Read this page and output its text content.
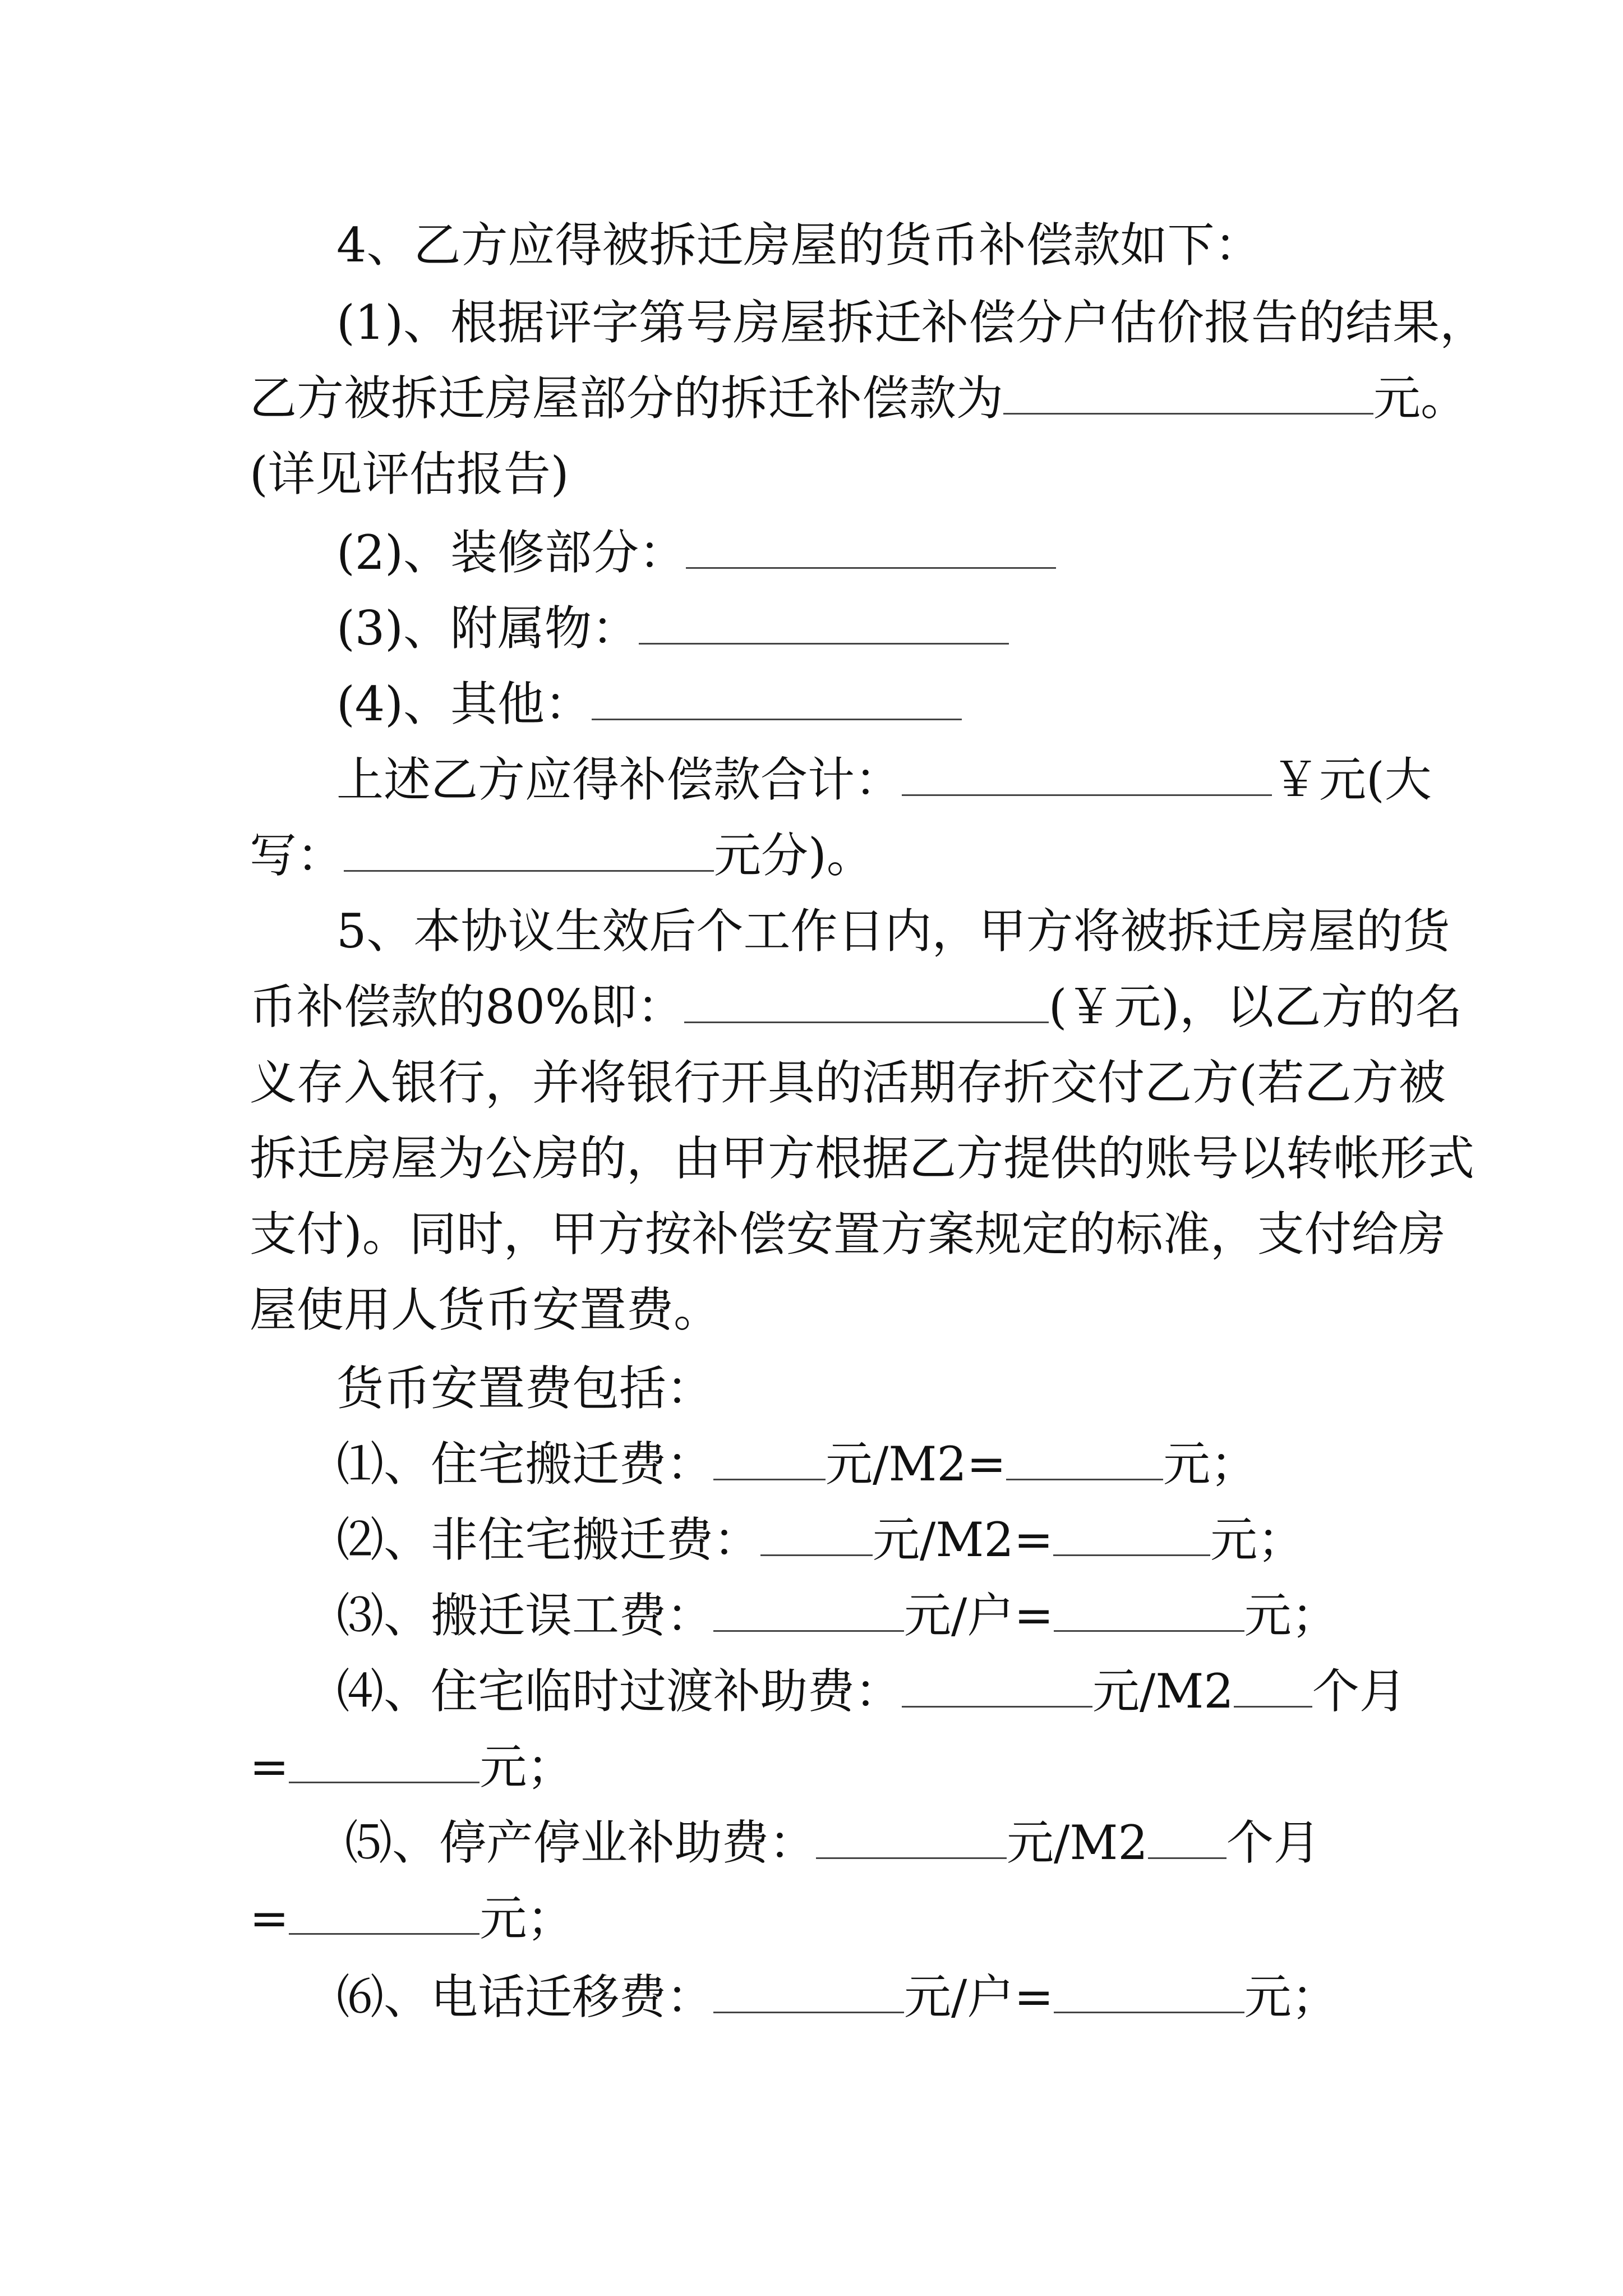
4、乙方应得被拆迁房屋的货币补偿款如下：
(1)、根据评字第号房屋拆迁补偿分户估价报告的结果，
乙方被拆迁房屋部分的拆迁补偿款为	元。
(详见评估报告)
(2)、装修部分：
(3)、附属物：
(4)、其他：
上述乙方应得补偿款合计：	￥元(大
写：	元分)。
5、本协议生效后个工作日内，甲方将被拆迁房屋的货
币补偿款的80%即：	(￥元)，以乙方的名
义存入银行，并将银行开具的活期存折交付乙方(若乙方被
拆迁房屋为公房的，由甲方根据乙方提供的账号以转帐形式
支付)。同时，甲方按补偿安置方案规定的标准，支付给房
屋使用人货币安置费。
货币安置费包括：
⑴、住宅搬迁费： 元/M2=	元；
⑵、非住宅搬迁费： 元/M2=	元；
⑶、搬迁误工费：	元/户=	元；
⑷、住宅临时过渡补助费：	元/M2 个月
=	元；
⑸、停产停业补助费：	元/M2 个月
=	元；
⑹、电话迁移费：	元/户=	元；
